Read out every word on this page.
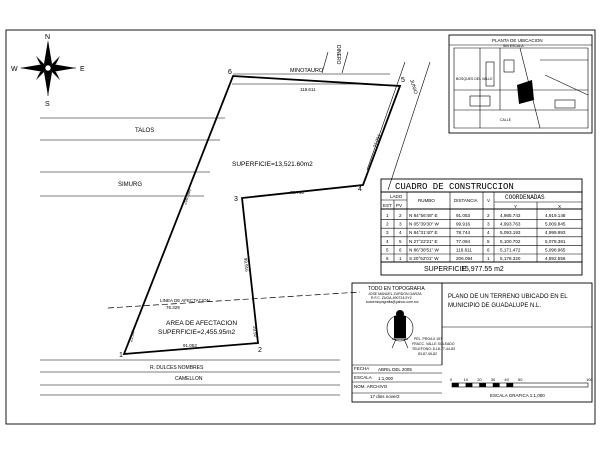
N
S
E
W	MINOTAURO
DINERO
JUNIO
TALOS
SIMURG
R. DULCES NOMBRES
CAMELLON
LINEA DE AFECTACION
76.329
1
2
3
4
5
6
118.611
77.094
78.746
99.916
91.053
206.094
21.67	29.92
SUPERFICIE=13,521.60m2
AREA DE AFECTACION
SUPERFICIE=2,455.95m2
PLANTA DE UBICACION
SIN ESCALA
BOSQUES DEL VALLE
CALLE
CUADRO DE CONSTRUCCION
LADO
EST PV
RUMBO	DISTANCIA V COORDENADAS
Y	X
1 2 N 84°56'48" E	91.053	2 4,985.743	4,919.148
2 3 N 05°39'30" W	99.916	3 4,993.763	5,009.845
3 4 N 84°31'40" E	78.744	4 5,093.193	4,999.993
4 5 N 27°22'21" E	77.094	5 5,100.702	5,078.381
5 6 N 86°38'51" W	116.611	6 5,171.472	5,098.965
6 1 S 20°52'01" W	206.094	1 5,178.320	4,892.556
SUPERFICIE
15,977.55 m2
TODO EN TOPOGRAFIA
JOSE MANUEL ZURDON GARZA
R.F.C. ZUGA-490724-9Y2
todoentopografia@yahoo.com.mx
PEL. PROA # 157
FRACC. VALLE SOLEADO
TELEFONO: 8-18-77-44-83
83-87-06-82
PLANO DE UN TERRENO UBICADO EN EL
MUNICIPIO DE GUADALUPE N.L.
FECHA ABRIL DEL 2005
ESCALA 1:1,000
NOM. ARCHIVO
17 dins nover2
0	10 20 30 40 50	100
ESCALA GRAFICA 1:1,000
